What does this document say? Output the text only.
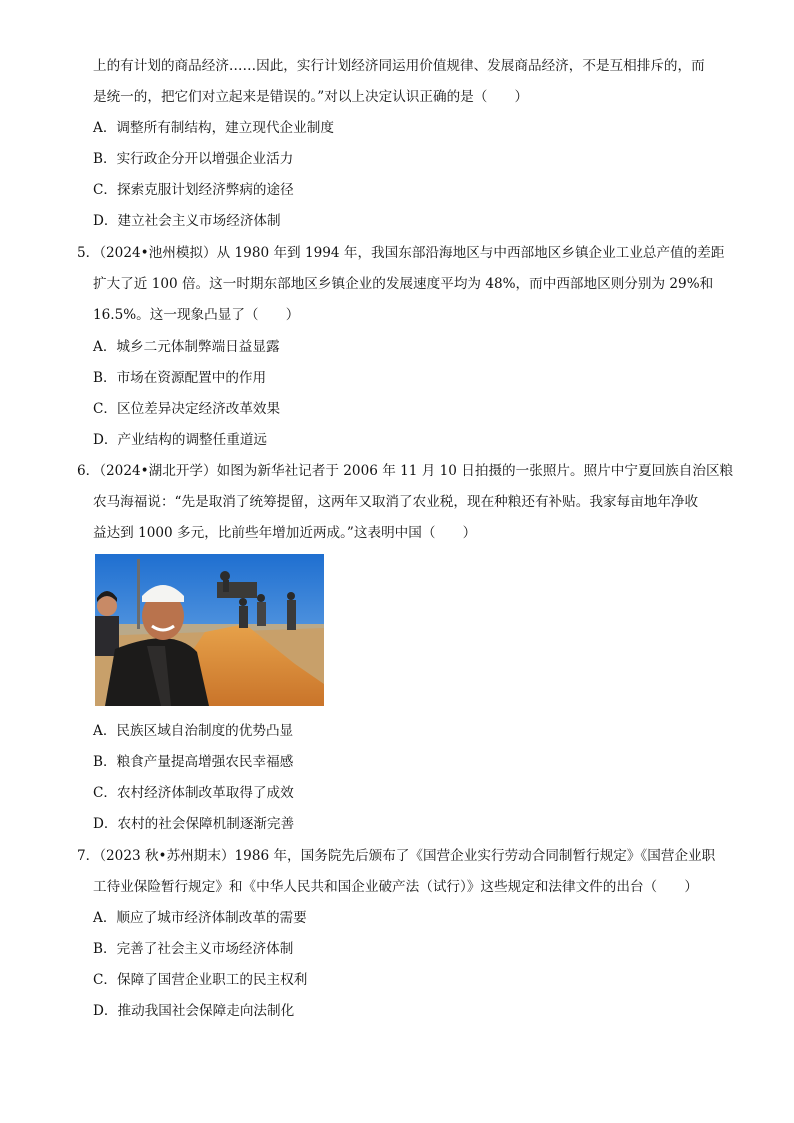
上的有计划的商品经济……因此，实行计划经济同运用价值规律、发展商品经济，不是互相排斥的，而
是统一的，把它们对立起来是错误的。”对以上决定认识正确的是（　　）
A．调整所有制结构，建立现代企业制度
B．实行政企分开以增强企业活力
C．探索克服计划经济弊病的途径
D．建立社会主义市场经济体制
5．（2024•池州模拟）从 1980 年到 1994 年，我国东部沿海地区与中西部地区乡镇企业工业总产值的差距
扩大了近 100 倍。这一时期东部地区乡镇企业的发展速度平均为 48%，而中西部地区则分别为 29%和
16.5%。这一现象凸显了（　　）
A．城乡二元体制弊端日益显露
B．市场在资源配置中的作用
C．区位差异决定经济改革效果
D．产业结构的调整任重道远
6．（2024•湖北开学）如图为新华社记者于 2006 年 11 月 10 日拍摄的一张照片。照片中宁夏回族自治区粮
农马海福说：“先是取消了统筹提留，这两年又取消了农业税，现在种粮还有补贴。我家每亩地年净收
益达到 1000 多元，比前些年增加近两成。”这表明中国（　　）
A．民族区域自治制度的优势凸显
B．粮食产量提高增强农民幸福感
C．农村经济体制改革取得了成效
D．农村的社会保障机制逐渐完善
7．（2023 秋•苏州期末）1986 年，国务院先后颁布了《国营企业实行劳动合同制暂行规定》《国营企业职
工待业保险暂行规定》和《中华人民共和国企业破产法（试行）》这些规定和法律文件的出台（　　）
A．顺应了城市经济体制改革的需要
B．完善了社会主义市场经济体制
C．保障了国营企业职工的民主权利
D．推动我国社会保障走向法制化
